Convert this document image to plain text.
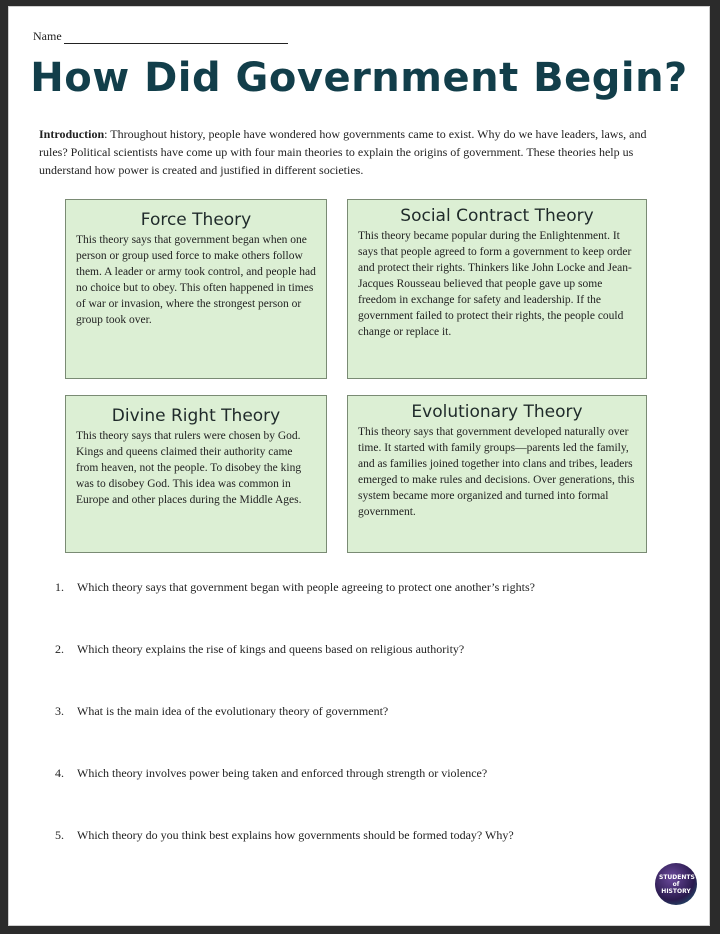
Name
How Did Government Begin?
Introduction: Throughout history, people have wondered how governments came to exist. Why do we have leaders, laws, and rules? Political scientists have come up with four main theories to explain the origins of government. These theories help us understand how power is created and justified in different societies.
Force Theory
This theory says that government began when one person or group used force to make others follow them. A leader or army took control, and people had no choice but to obey. This often happened in times of war or invasion, where the strongest person or group took over.
Social Contract Theory
This theory became popular during the Enlightenment. It says that people agreed to form a government to keep order and protect their rights. Thinkers like John Locke and Jean-Jacques Rousseau believed that people gave up some freedom in exchange for safety and leadership. If the government failed to protect their rights, the people could change or replace it.
Divine Right Theory
This theory says that rulers were chosen by God. Kings and queens claimed their authority came from heaven, not the people. To disobey the king was to disobey God. This idea was common in Europe and other places during the Middle Ages.
Evolutionary Theory
This theory says that government developed naturally over time. It started with family groups—parents led the family, and as families joined together into clans and tribes, leaders emerged to make rules and decisions. Over generations, this system became more organized and turned into formal government.
1.	Which theory says that government began with people agreeing to protect one another’s rights?
2.	Which theory explains the rise of kings and queens based on religious authority?
3.	What is the main idea of the evolutionary theory of government?
4.	Which theory involves power being taken and enforced through strength or violence?
5.	Which theory do you think best explains how governments should be formed today? Why?
STUDENTS of HISTORY
